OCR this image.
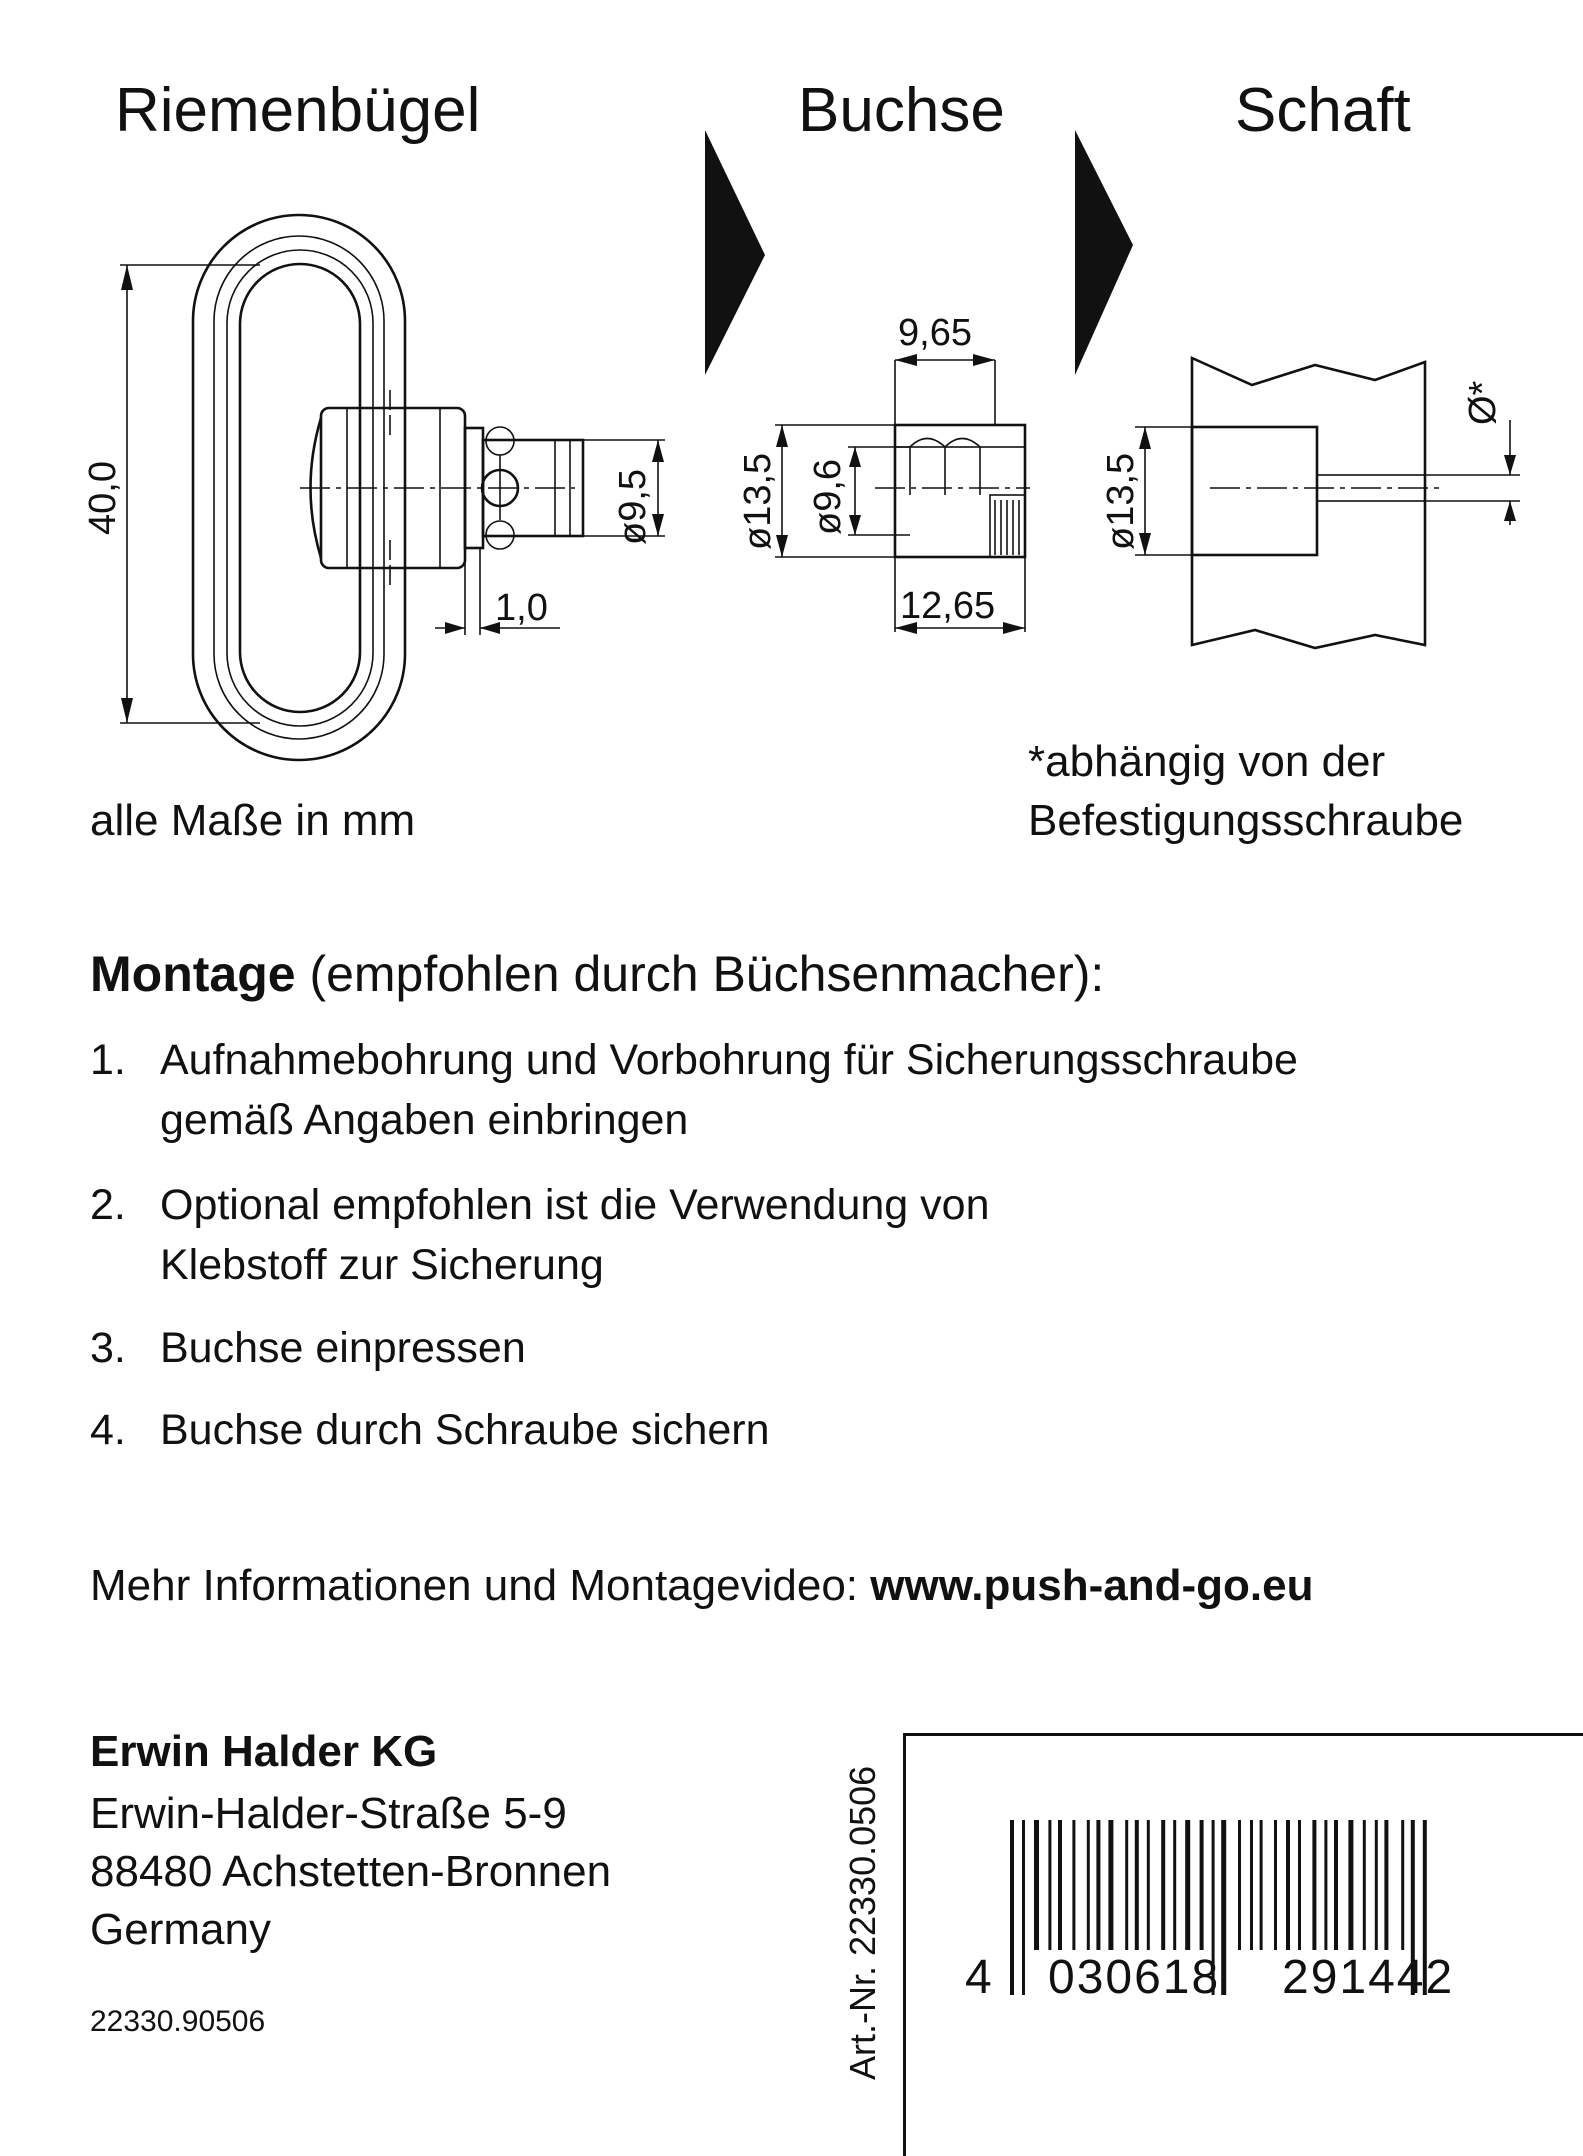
Riemenbügel	Buchse	Schaft
40,0	ø9,5
1,0
9,65
ø13,5 ø9,6
12,65
ø13,5
Ø*
alle Maße in mm
*abhängig von der
Befestigungsschraube
Montage (empfohlen durch Büchsenmacher):
1. Aufnahmebohrung und Vorbohrung für Sicherungsschraube
gemäß Angaben einbringen
2. Optional empfohlen ist die Verwendung von
Klebstoff zur Sicherung
3. Buchse einpressen
4. Buchse durch Schraube sichern
Mehr Informationen und Montagevideo: www.push-and-go.eu
Erwin Halder KG
Erwin-Halder-Straße 5-9
88480 Achstetten-Bronnen
Germany
22330.90506	Art.-Nr. 22330.0506 4 030618 291442
